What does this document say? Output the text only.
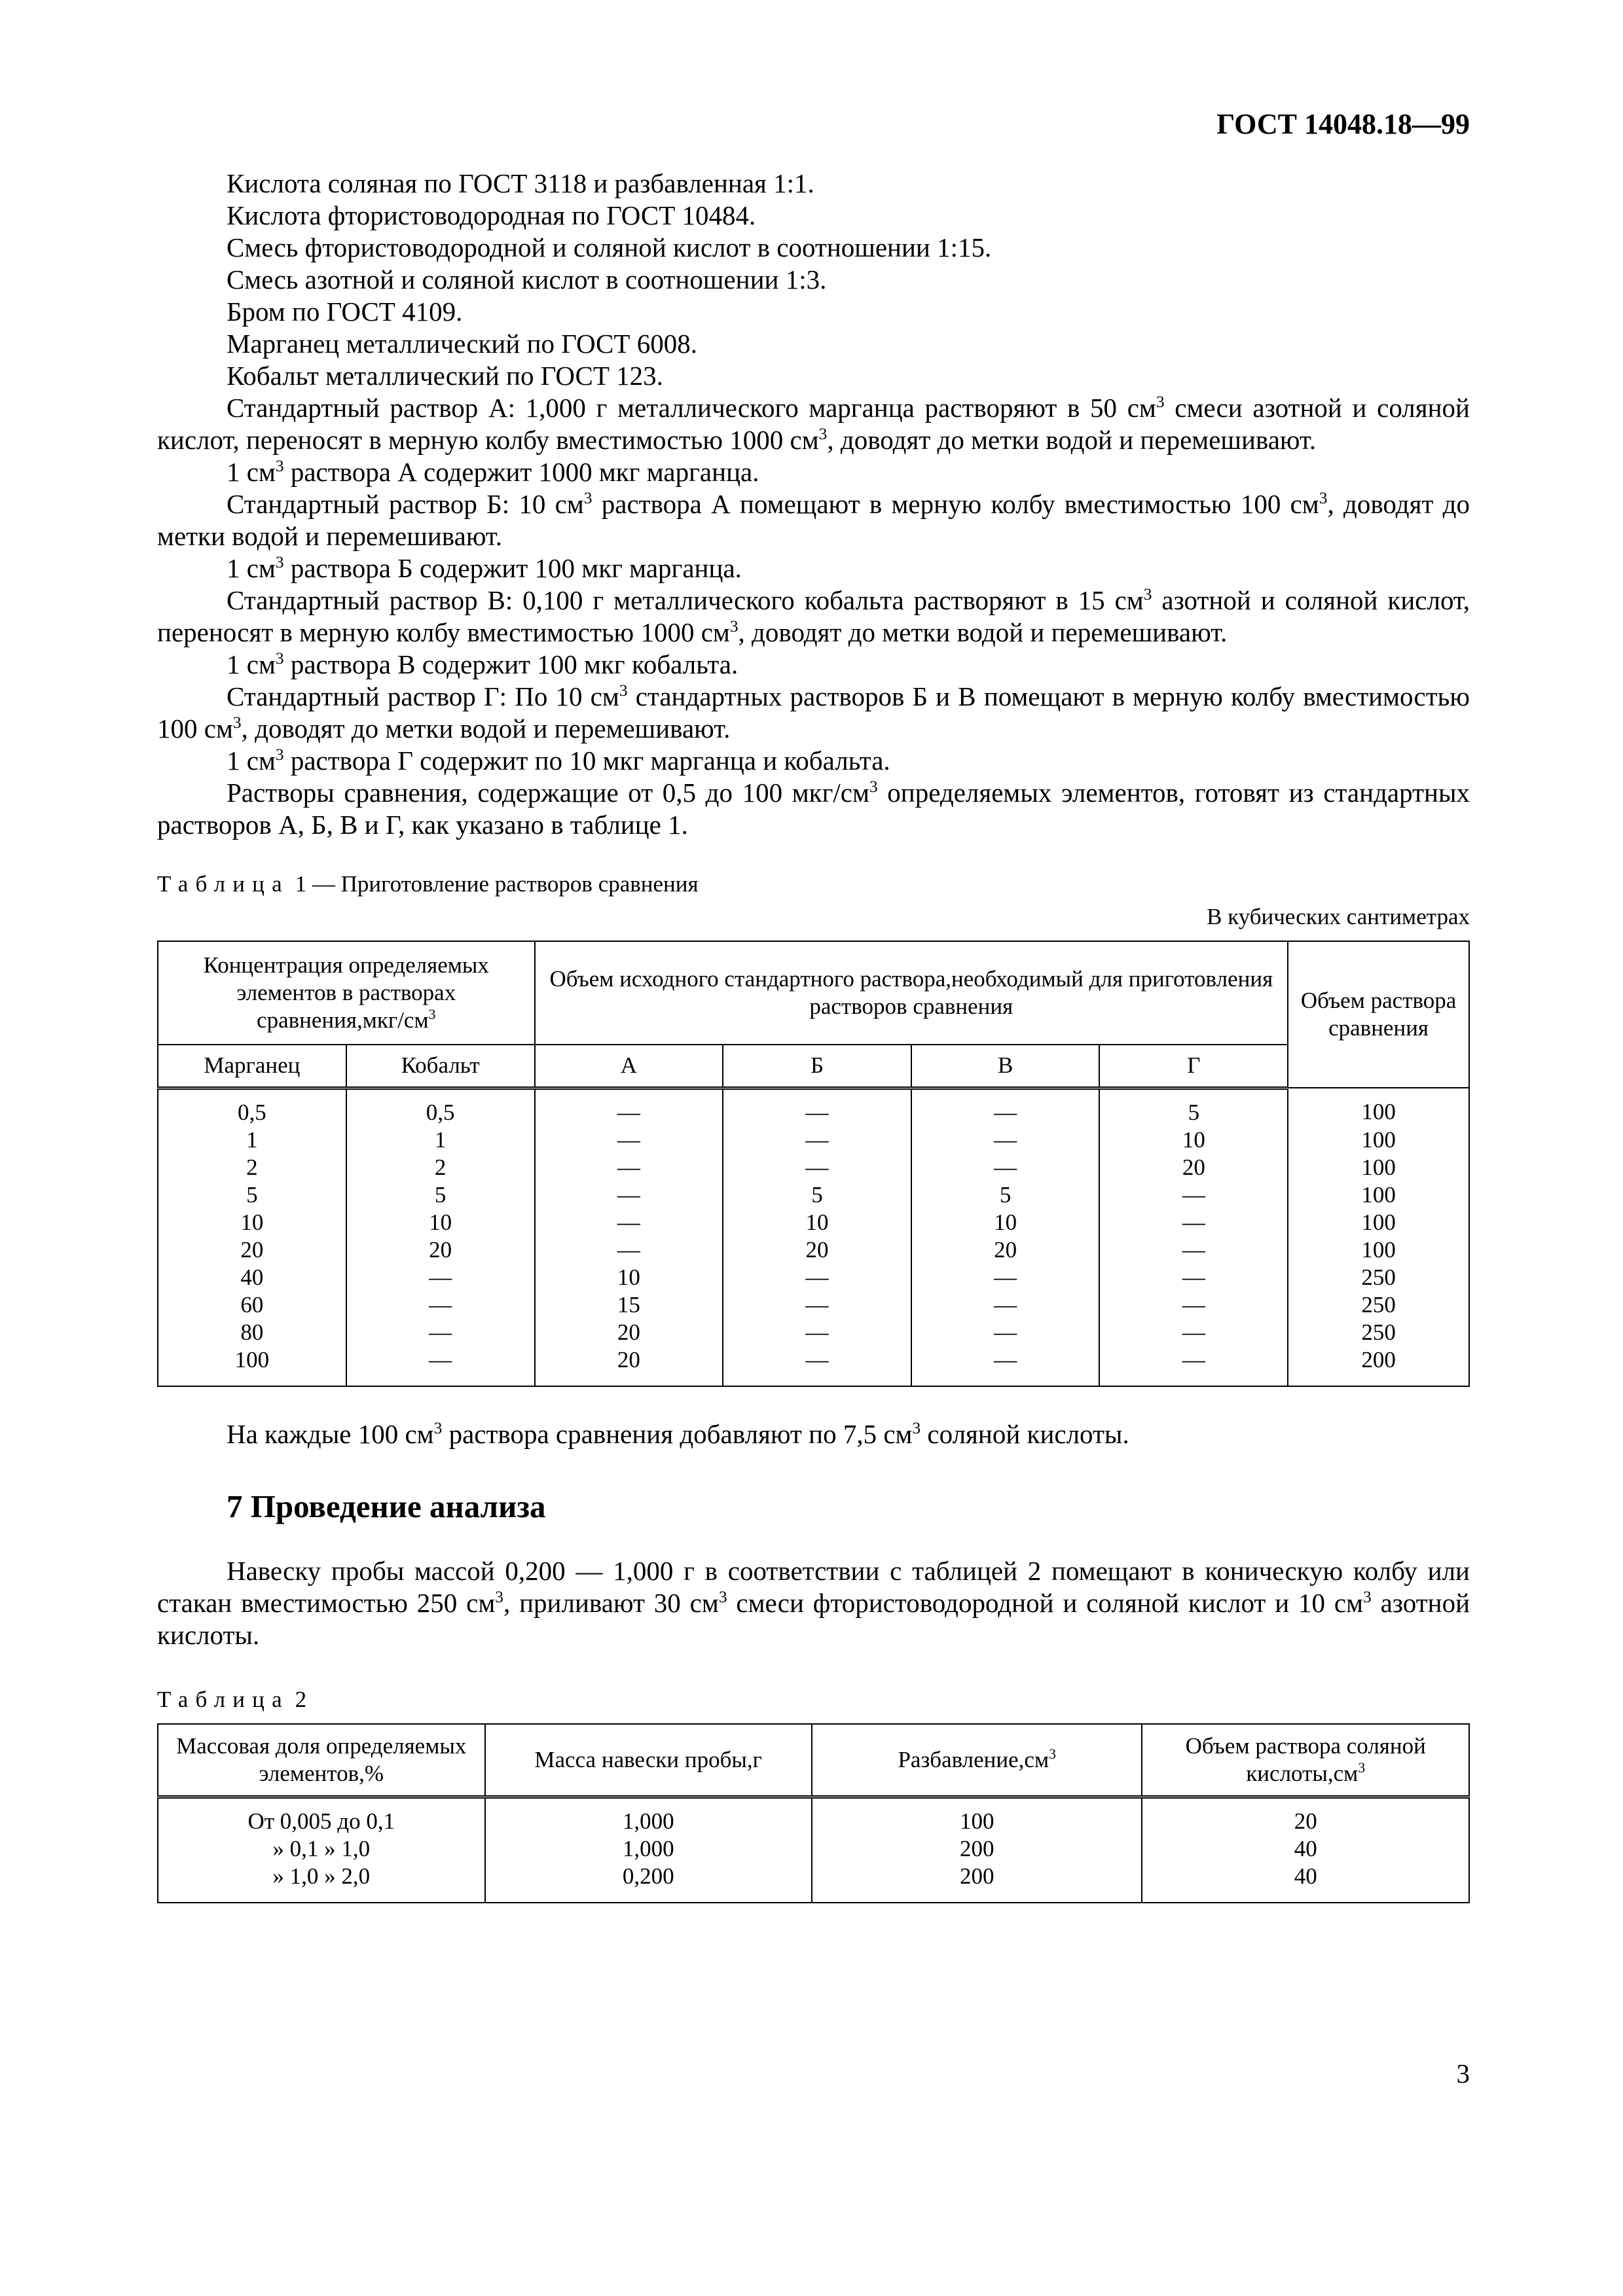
ГОСТ 14048.18—99

Кислота соляная по ГОСТ 3118 и разбавленная 1:1.

Кислота фтористоводородная по ГОСТ 10484.

Смесь фтористоводородной и соляной кислот в соотношении 1:15.

Смесь азотной и соляной кислот в соотношении 1:3.

Бром по ГОСТ 4109.

Марганец металлический по ГОСТ 6008.

Кобальт металлический по ГОСТ 123.

Стандартный раствор А: 1,000 г металлического марганца растворяют в 50 $см^3$ смеси азотной и соляной кислот, переносят в мерную колбу вместимостью 1000 $см^3$, доводят до метки водой и перемешивают.

1 $см^3$ раствора А содержит 1000 мкг марганца.

Стандартный раствор Б: 10 $см^3$ раствора А помещают в мерную колбу вместимостью 100 $см^3$, доводят до метки водой и перемешивают.

1 $см^3$ раствора Б содержит 100 мкг марганца.

Стандартный раствор В: 0,100 г металлического кобальта растворяют в 15 $см^3$ азотной и соляной кислот, переносят в мерную колбу вместимостью 1000 $см^3$, доводят до метки водой и перемешивают.

1 $см^3$ раствора В содержит 100 мкг кобальта.

Стандартный раствор Г: По 10 $см^3$ стандартных растворов Б и В помещают в мерную колбу вместимостью 100 $см^3$, доводят до метки водой и перемешивают.

1 $см^3$ раствора Г содержит по 10 мкг марганца и кобальта.

Растворы сравнения, содержащие от 0,5 до 100 мкг/$см^3$ определяемых элементов, готовят из стандартных растворов А, Б, В и Г, как указано в таблице 1.

Таблица 1 — Приготовление растворов сравнения
В кубических сантиметрах
Концентрация определяемых элементов в растворах $сравнения,мкг/см^3$		Объем исходного стандартного раствора,необходимый для приготовления растворов сравнения				Объем раствора сравнения
Марганец	Кобальт	А	Б	В	Г	
0,5	0,5	—	—	—	5	100
1	1	—	—	—	10	100
2	2	—	—	—	20	100
5	5	—	5	5	—	100
10	10	—	10	10	—	100
20	20	—	20	20	—	100
40	—	10	—	—	—	250
60	—	15	—	—	—	250
80	—	20	—	—	—	250
100	—	20	—	—	—	200

На каждые 100 $см^3$ раствора сравнения добавляют по 7,5 $см^3$ соляной кислоты.

7 Проведение анализа

Навеску пробы массой 0,200 — 1,000 г в соответствии с таблицей 2 помещают в коническую колбу или стакан вместимостью 250 $см^3$, приливают 30 $см^3$ смеси фтористоводородной и соляной кислот и 10 $см^3$ азотной кислоты.

Таблица 2
Массовая доля определяемых элементов,%	Масса навески пробы,г	$Разбавление,см^3$	Объем раствора соляной $кислоты,см^3$
От 0,005 до 0,1	1,000	100	20
» 0,1 » 1,0	1,000	200	40
» 1,0 » 2,0	0,200	200	40
3
